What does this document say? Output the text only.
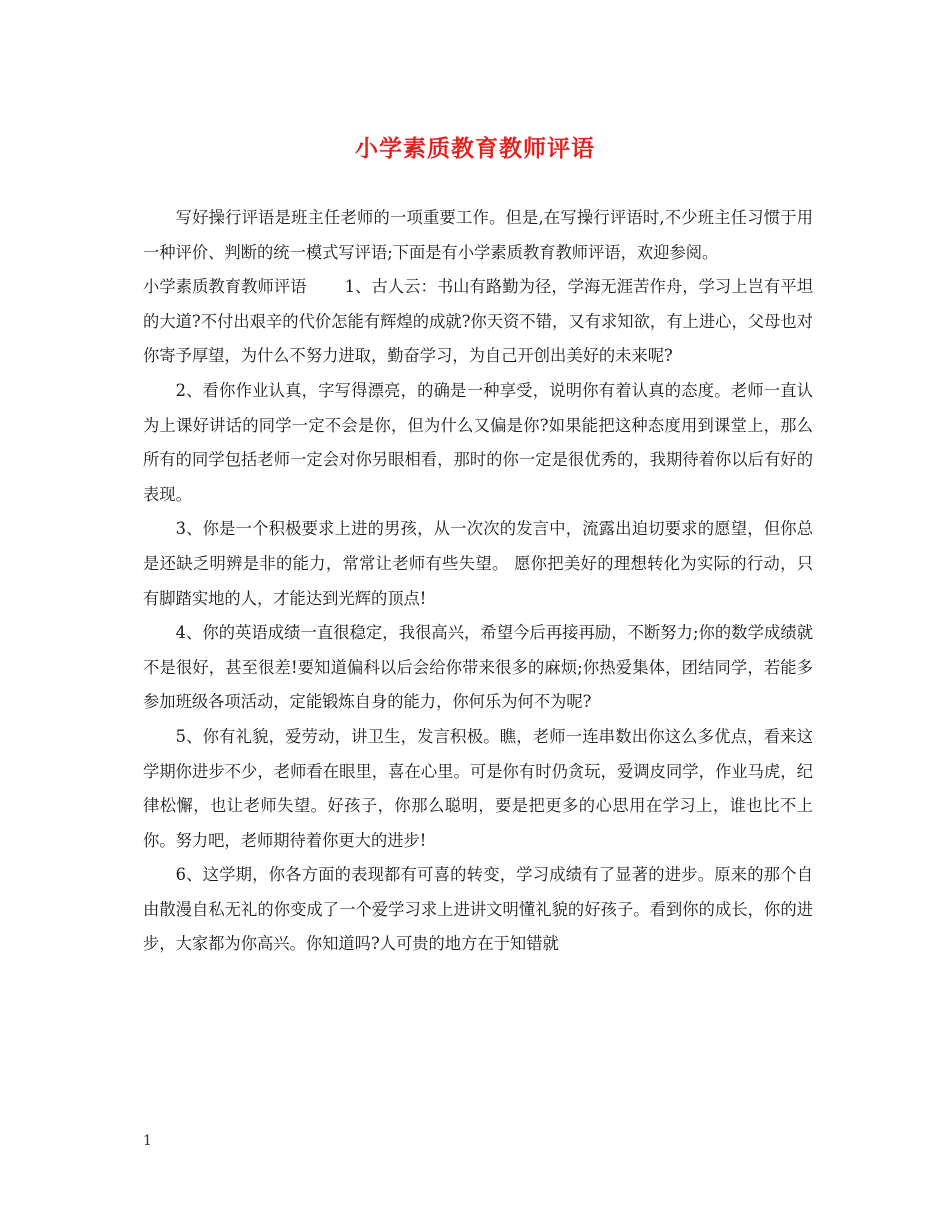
小学素质教育教师评语

写好操行评语是班主任老师的一项重要工作。但是,在写操行评语时,不少班主任习惯于用一种评价、判断的统一模式写评语;下面是有小学素质教育教师评语，欢迎参阅。

小学素质教育教师评语 1、古人云：书山有路勤为径，学海无涯苦作舟，学习上岂有平坦的大道?不付出艰辛的代价怎能有辉煌的成就?你天资不错，又有求知欲，有上进心，父母也对你寄予厚望，为什么不努力进取，勤奋学习，为自己开创出美好的未来呢?

2、看你作业认真，字写得漂亮，的确是一种享受，说明你有着认真的态度。老师一直认为上课好讲话的同学一定不会是你，但为什么又偏是你?如果能把这种态度用到课堂上，那么所有的同学包括老师一定会对你另眼相看，那时的你一定是很优秀的，我期待着你以后有好的表现。

3、你是一个积极要求上进的男孩，从一次次的发言中，流露出迫切要求的愿望，但你总是还缺乏明辨是非的能力，常常让老师有些失望。 愿你把美好的理想转化为实际的行动，只有脚踏实地的人，才能达到光辉的顶点!

4、你的英语成绩一直很稳定，我很高兴，希望今后再接再励，不断努力;你的数学成绩就不是很好，甚至很差!要知道偏科以后会给你带来很多的麻烦;你热爱集体，团结同学，若能多参加班级各项活动，定能锻炼自身的能力，你何乐为何不为呢?

5、你有礼貌，爱劳动，讲卫生，发言积极。瞧，老师一连串数出你这么多优点，看来这学期你进步不少，老师看在眼里，喜在心里。可是你有时仍贪玩，爱调皮同学，作业马虎，纪律松懈，也让老师失望。好孩子，你那么聪明，要是把更多的心思用在学习上，谁也比不上你。努力吧，老师期待着你更大的进步!

6、这学期，你各方面的表现都有可喜的转变，学习成绩有了显著的进步。原来的那个自由散漫自私无礼的你变成了一个爱学习求上进讲文明懂礼貌的好孩子。看到你的成长，你的进步，大家都为你高兴。你知道吗?人可贵的地方在于知错就

1
